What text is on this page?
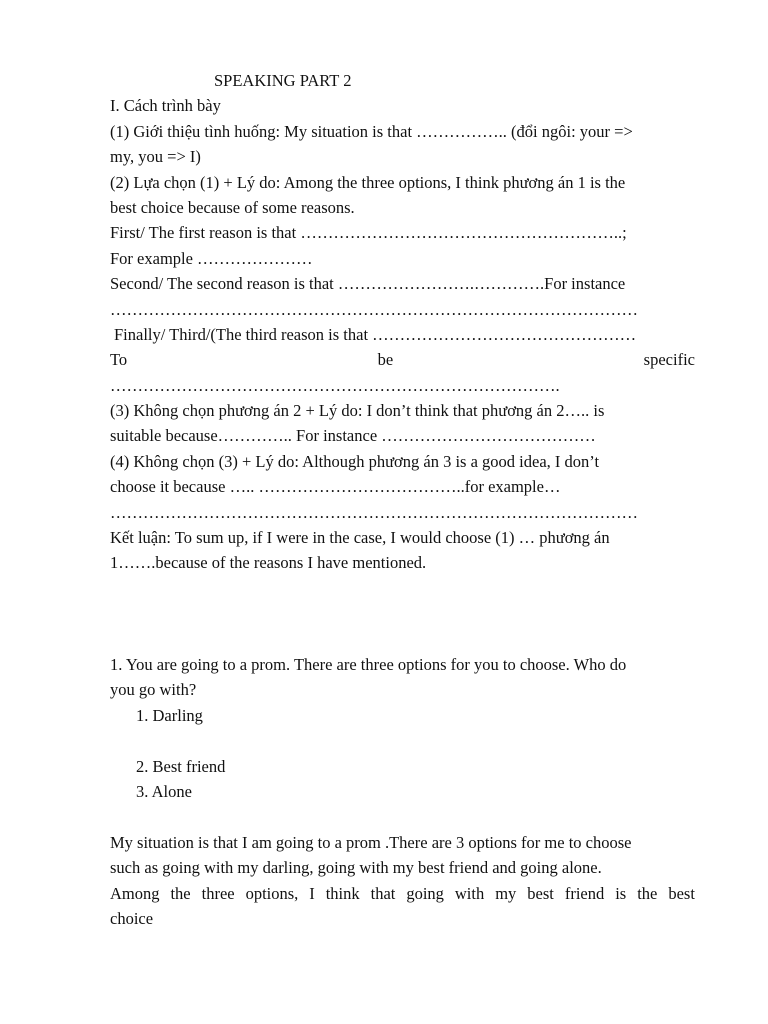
SPEAKING PART 2
I. Cách trình bày
(1) Giới thiệu tình huống: My situation is that …………….. (đổi ngôi: your =>
my, you => I)
(2) Lựa chọn (1) + Lý do: Among the three options, I think phương án 1 is the
best choice because of some reasons.
First/ The first reason is that …………………………………………………..;
For example …………………
Second/ The second reason is that …………………….………….For instance
……………………………………………………………………………………
Finally/ Third/(The third reason is that …………………………………………
To	be	specific
……………………………………………………………………….
(3) Không chọn phương án 2 + Lý do: I don’t think that phương án 2….. is
suitable because………….. For instance …………………………………
(4) Không chọn (3) + Lý do: Although phương án 3 is a good idea, I don’t
choose it because ….. ………………………………..for example…
……………………………………………………………………………………
Kết luận: To sum up, if I were in the case, I would choose (1) … phương án
1…….because of the reasons I have mentioned.
1. You are going to a prom. There are three options for you to choose. Who do
you go with?
1. Darling
2. Best friend
3. Alone
My situation is that I am going to a prom .There are 3 options for me to choose
such as going with my darling, going with my best friend and going alone.
Among the three options, I think that going with my best friend is the best
choice
